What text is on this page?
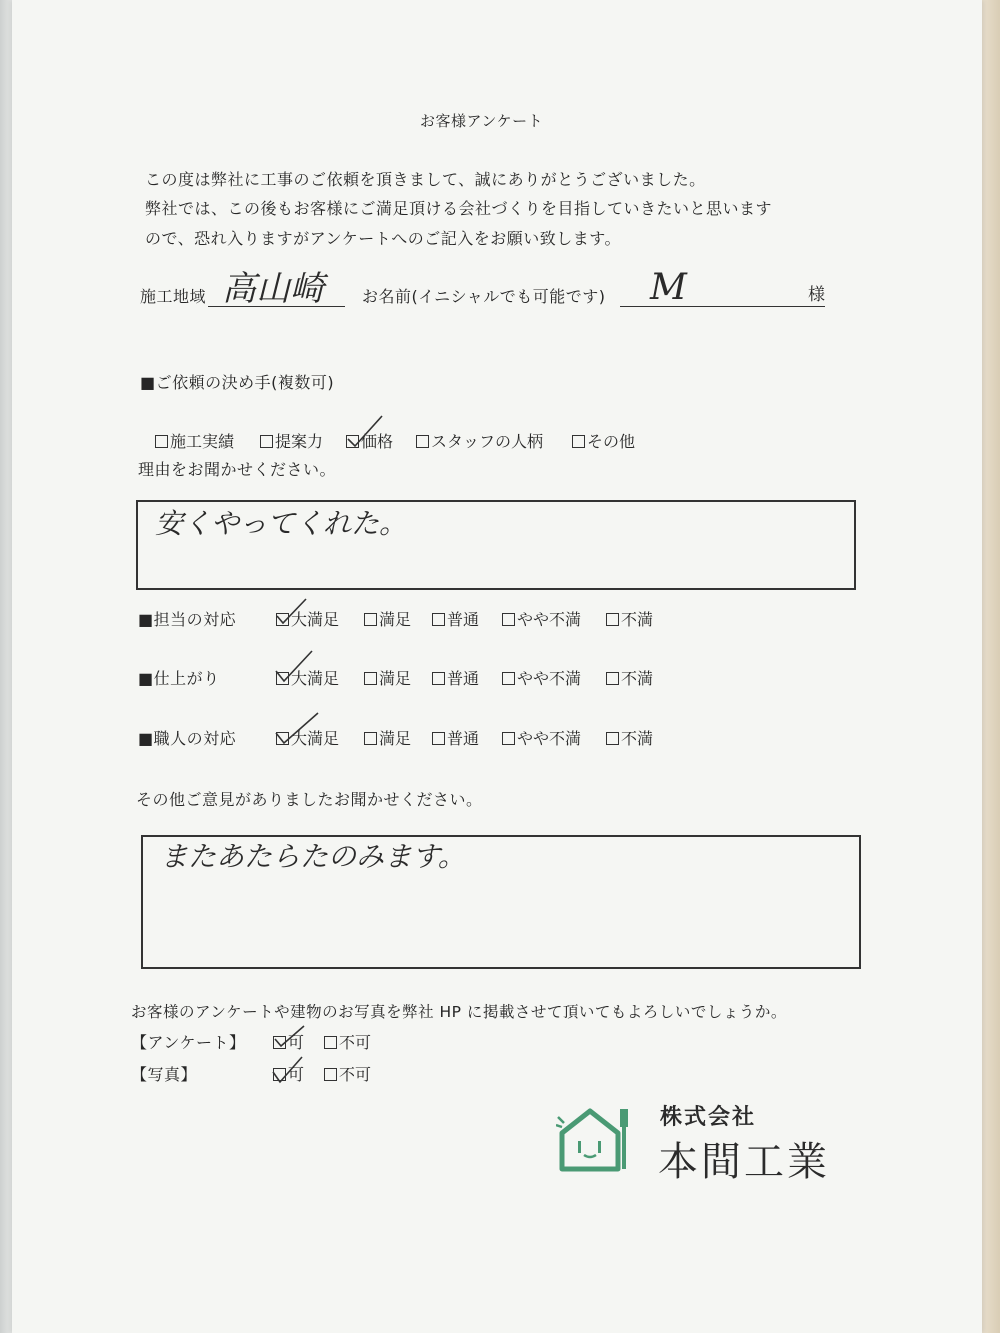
お客様アンケート
この度は弊社に工事のご依頼を頂きまして、誠にありがとうございました。
弊社では、この後もお客様にご満足頂ける会社づくりを目指していきたいと思います
ので、恐れ入りますがアンケートへのご記入をお願い致します。
施工地域 高山崎 お名前(イニシャルでも可能です) M	様
■ご依頼の決め手(複数可)
施工実績	提案力	価格	スタッフの人柄	その他
理由をお聞かせください。
安くやってくれた。
■担当の対応	大満足	満足	普通	やや不満	不満
■仕上がり	大満足	満足	普通	やや不満	不満
■職人の対応	大満足	満足	普通	やや不満	不満
その他ご意見がありましたお聞かせください。
またあたらたのみます。
お客様のアンケートや建物のお写真を弊社 HP に掲載させて頂いてもよろしいでしょうか。
【アンケート】	可	不可
【写真】	可	不可
株式会社
本間工業
